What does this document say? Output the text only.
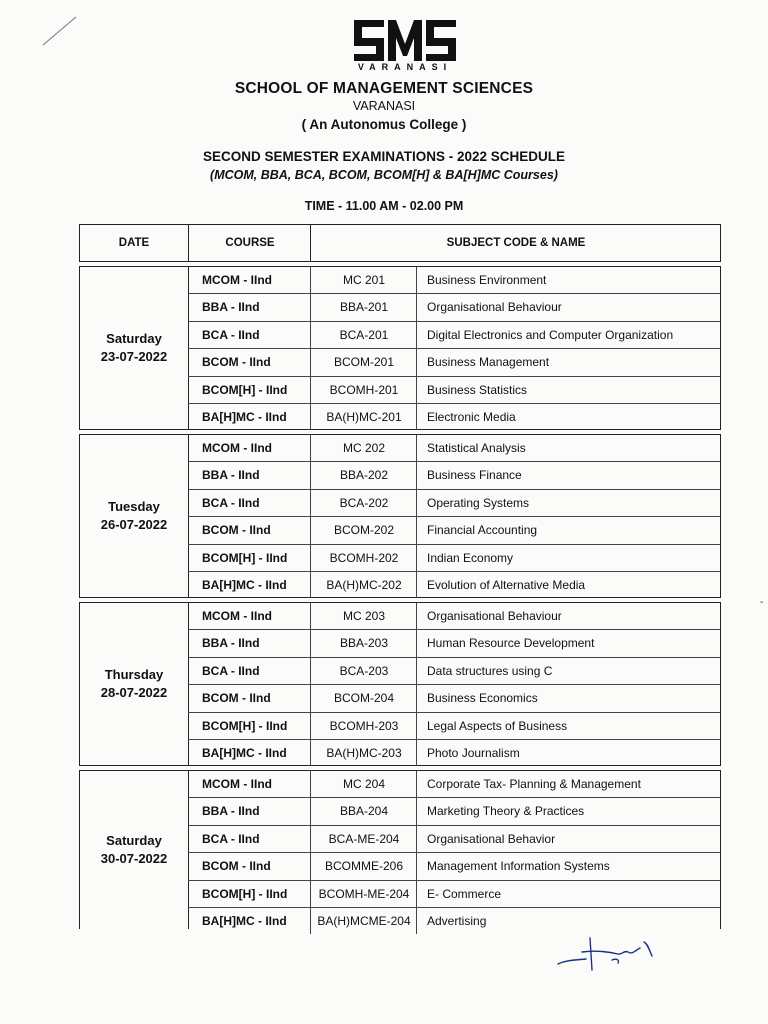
VARANASI
SCHOOL OF MANAGEMENT SCIENCES
VARANASI
( An Autonomus College )
SECOND SEMESTER EXAMINATIONS - 2022 SCHEDULE
(MCOM, BBA, BCA, BCOM, BCOM[H] & BA[H]MC Courses)
TIME - 11.00 AM - 02.00 PM
DATE	COURSE	SUBJECT CODE & NAME
Saturday
23-07-2022
MCOM - IInd	MC 201	Business Environment
BBA - IInd	BBA-201	Organisational Behaviour
BCA - IInd	BCA-201	Digital Electronics and Computer Organization
BCOM - IInd	BCOM-201	Business Management
BCOM[H] - IInd	BCOMH-201	Business Statistics
BA[H]MC - IInd	BA(H)MC-201	Electronic Media
Tuesday
26-07-2022
MCOM - IInd	MC 202	Statistical Analysis
BBA - IInd	BBA-202	Business Finance
BCA - IInd	BCA-202	Operating Systems
BCOM - IInd	BCOM-202	Financial Accounting
BCOM[H] - IInd	BCOMH-202	Indian Economy
BA[H]MC - IInd	BA(H)MC-202	Evolution of Alternative Media
Thursday
28-07-2022
MCOM - IInd	MC 203	Organisational Behaviour
BBA - IInd	BBA-203	Human Resource Development
BCA - IInd	BCA-203	Data structures using C
BCOM - IInd	BCOM-204	Business Economics
BCOM[H] - IInd	BCOMH-203	Legal Aspects of Business
BA[H]MC - IInd	BA(H)MC-203	Photo Journalism
Saturday
30-07-2022
MCOM - IInd	MC 204	Corporate Tax- Planning & Management
BBA - IInd	BBA-204	Marketing Theory & Practices
BCA - IInd	BCA-ME-204	Organisational Behavior
BCOM - IInd	BCOMME-206	Management Information Systems
BCOM[H] - IInd	BCOMH-ME-204	E- Commerce
BA[H]MC - IInd	BA(H)MCME-204	Advertising
-
